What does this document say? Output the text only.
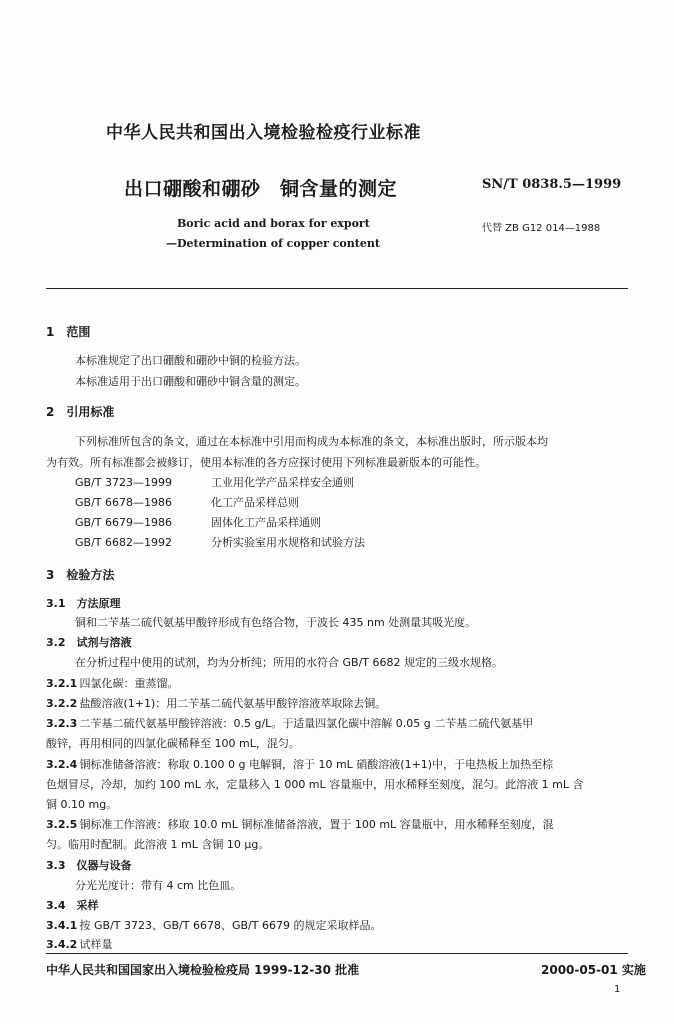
中华人民共和国出入境检验检疫行业标准
出口硼酸和硼砂　铜含量的测定	SN/T 0838.5—1999
Boric acid and borax for export
—Determination of copper content
代替 ZB G12 014—1988
1　范围
本标准规定了出口硼酸和硼砂中铜的检验方法。
本标准适用于出口硼酸和硼砂中铜含量的测定。
2　引用标准
下列标准所包含的条文，通过在本标准中引用而构成为本标准的条文，本标准出版时，所示版本均
为有效。所有标准都会被修订，使用本标准的各方应探讨使用下列标准最新版本的可能性。
GB/T 3723—1999	工业用化学产品采样安全通则
GB/T 6678—1986	化工产品采样总则
GB/T 6679—1986	固体化工产品采样通则
GB/T 6682—1992	分析实验室用水规格和试验方法
3　检验方法
3.1　方法原理
铜和二苄基二硫代氨基甲酸锌形成有色络合物，于波长 435 nm 处测量其吸光度。
3.2　试剂与溶液
在分析过程中使用的试剂，均为分析纯；所用的水符合 GB/T 6682 规定的三级水规格。
3.2.1 四氯化碳：重蒸馏。
3.2.2 盐酸溶液(1+1)：用二苄基二硫代氨基甲酸锌溶液萃取除去铜。
3.2.3 二苄基二硫代氨基甲酸锌溶液：0.5 g/L。于适量四氯化碳中溶解 0.05 g 二苄基二硫代氨基甲
酸锌，再用相同的四氯化碳稀释至 100 mL，混匀。
3.2.4 铜标准储备溶液：称取 0.100 0 g 电解铜，溶于 10 mL 硝酸溶液(1+1)中，于电热板上加热至棕
色烟冒尽，冷却，加约 100 mL 水，定量移入 1 000 mL 容量瓶中，用水稀释至刻度，混匀。此溶液 1 mL 含
铜 0.10 mg。
3.2.5 铜标准工作溶液：移取 10.0 mL 铜标准储备溶液，置于 100 mL 容量瓶中，用水稀释至刻度，混
匀。临用时配制。此溶液 1 mL 含铜 10 μg。
3.3　仪器与设备
分光光度计：带有 4 cm 比色皿。
3.4　采样
3.4.1 按 GB/T 3723、GB/T 6678、GB/T 6679 的规定采取样品。
3.4.2 试样量
中华人民共和国国家出入境检验检疫局 1999-12-30 批准	2000-05-01 实施
1
